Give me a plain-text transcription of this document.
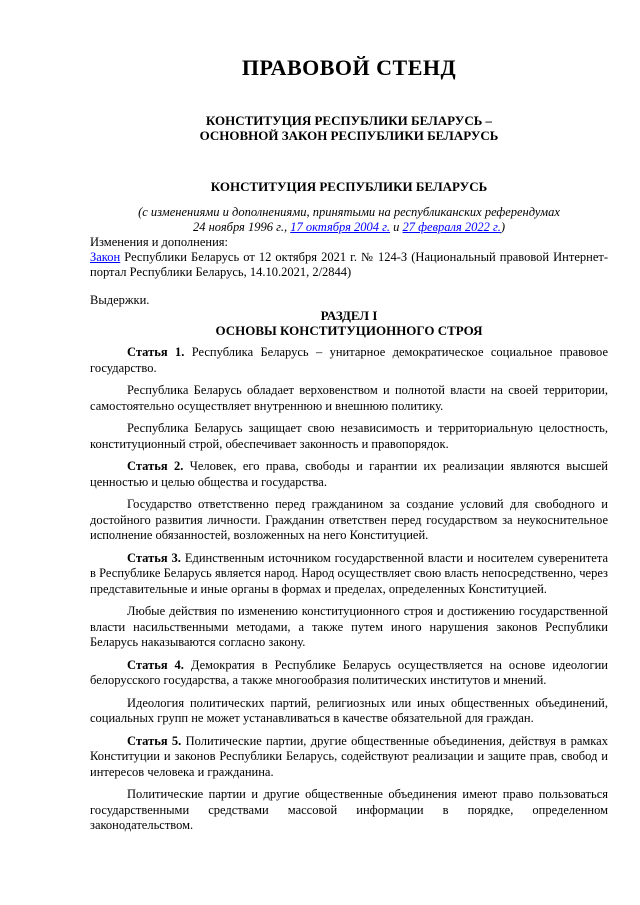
ПРАВОВОЙ СТЕНД
КОНСТИТУЦИЯ РЕСПУБЛИКИ БЕЛАРУСЬ –
ОСНОВНОЙ ЗАКОН РЕСПУБЛИКИ БЕЛАРУСЬ
КОНСТИТУЦИЯ РЕСПУБЛИКИ БЕЛАРУСЬ
(с изменениями и дополнениями, принятыми на республиканских референдумах
24 ноября 1996 г., 17 октября 2004 г. и 27 февраля 2022 г.)
Изменения и дополнения:

Закон Республики Беларусь от 12 октября 2021 г. № 124-З (Национальный правовой Интернет-портал Республики Беларусь, 14.10.2021, 2/2844)

Выдержки.
РАЗДЕЛ I
ОСНОВЫ КОНСТИТУЦИОННОГО СТРОЯ

Статья 1. Республика Беларусь – унитарное демократическое социальное правовое государство.

Республика Беларусь обладает верховенством и полнотой власти на своей территории, самостоятельно осуществляет внутреннюю и внешнюю политику.

Республика Беларусь защищает свою независимость и территориальную целостность, конституционный строй, обеспечивает законность и правопорядок.

Статья 2. Человек, его права, свободы и гарантии их реализации являются высшей ценностью и целью общества и государства.

Государство ответственно перед гражданином за создание условий для свободного и достойного развития личности. Гражданин ответствен перед государством за неукоснительное исполнение обязанностей, возложенных на него Конституцией.

Статья 3. Единственным источником государственной власти и носителем суверенитета в Республике Беларусь является народ. Народ осуществляет свою власть непосредственно, через представительные и иные органы в формах и пределах, определенных Конституцией.

Любые действия по изменению конституционного строя и достижению государственной власти насильственными методами, а также путем иного нарушения законов Республики Беларусь наказываются согласно закону.

Статья 4. Демократия в Республике Беларусь осуществляется на основе идеологии белорусского государства, а также многообразия политических институтов и мнений.

Идеология политических партий, религиозных или иных общественных объединений, социальных групп не может устанавливаться в качестве обязательной для граждан.

Статья 5. Политические партии, другие общественные объединения, действуя в рамках Конституции и законов Республики Беларусь, содействуют реализации и защите прав, свобод и интересов человека и гражданина.

Политические партии и другие общественные объединения имеют право пользоваться государственными средствами массовой информации в порядке, определенном законодательством.
